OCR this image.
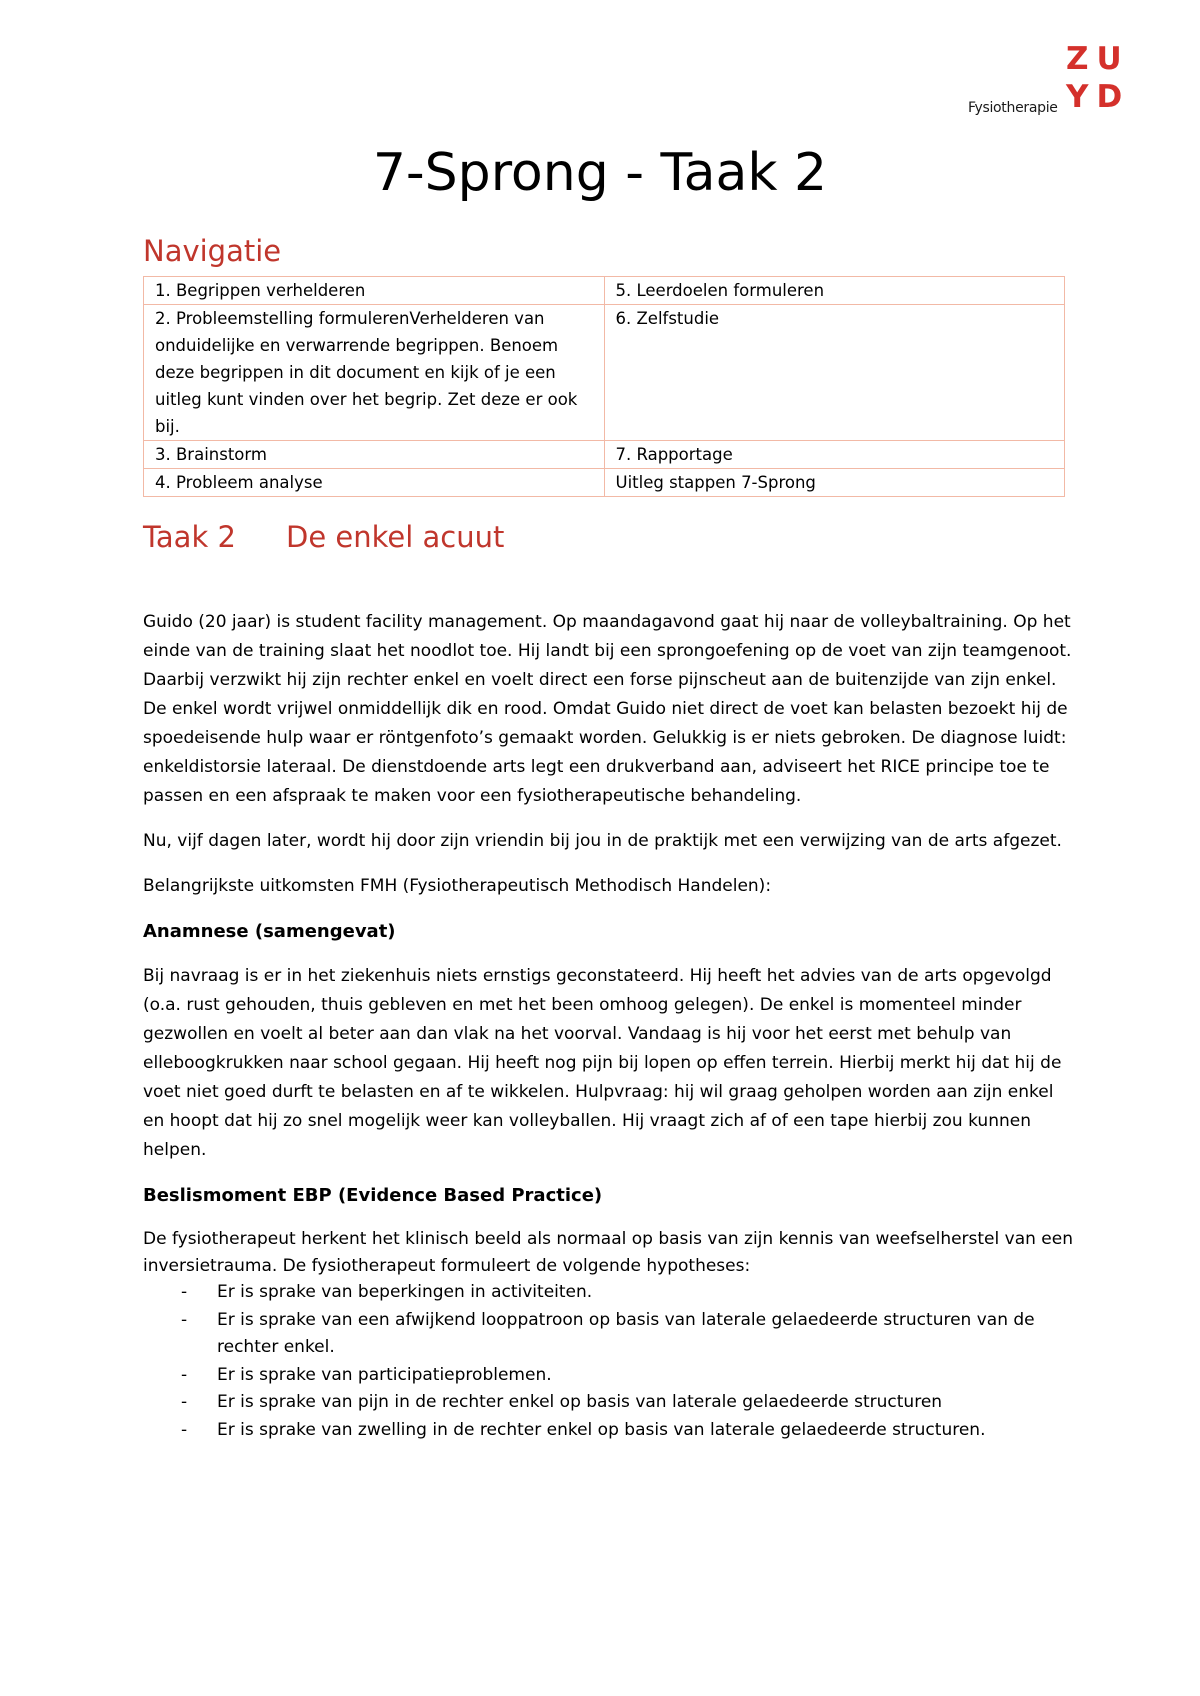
Fysiotherapie
ZU
YD
7-Sprong - Taak 2
Navigatie
1. Begrippen verhelderen	5. Leerdoelen formuleren
2. Probleemstelling formulerenVerhelderen van onduidelijke en verwarrende begrippen. Benoem deze begrippen in dit document en kijk of je een uitleg kunt vinden over het begrip. Zet deze er ook bij.	6. Zelfstudie
3. Brainstorm	7. Rapportage
4. Probleem analyse	Uitleg stappen 7-Sprong
Taak 2 De enkel acuut

Guido (20 jaar) is student facility management. Op maandagavond gaat hij naar de volleybaltraining. Op het einde van de training slaat het noodlot toe. Hij landt bij een sprongoefening op de voet van zijn teamgenoot. Daarbij verzwikt hij zijn rechter enkel en voelt direct een forse pijnscheut aan de buitenzijde van zijn enkel. De enkel wordt vrijwel onmiddellijk dik en rood. Omdat Guido niet direct de voet kan belasten bezoekt hij de spoedeisende hulp waar er röntgenfoto’s gemaakt worden. Gelukkig is er niets gebroken. De diagnose luidt: enkeldistorsie lateraal. De dienstdoende arts legt een drukverband aan, adviseert het RICE principe toe te passen en een afspraak te maken voor een fysiotherapeutische behandeling.

Nu, vijf dagen later, wordt hij door zijn vriendin bij jou in de praktijk met een verwijzing van de arts afgezet.

Belangrijkste uitkomsten FMH (Fysiotherapeutisch Methodisch Handelen):

Anamnese (samengevat)

Bij navraag is er in het ziekenhuis niets ernstigs geconstateerd. Hij heeft het advies van de arts opgevolgd (o.a. rust gehouden, thuis gebleven en met het been omhoog gelegen). De enkel is momenteel minder gezwollen en voelt al beter aan dan vlak na het voorval. Vandaag is hij voor het eerst met behulp van elleboogkrukken naar school gegaan. Hij heeft nog pijn bij lopen op effen terrein. Hierbij merkt hij dat hij de voet niet goed durft te belasten en af te wikkelen. Hulpvraag: hij wil graag geholpen worden aan zijn enkel en hoopt dat hij zo snel mogelijk weer kan volleyballen. Hij vraagt zich af of een tape hierbij zou kunnen helpen.

Beslismoment EBP (Evidence Based Practice)

De fysiotherapeut herkent het klinisch beeld als normaal op basis van zijn kennis van weefselherstel van een inversietrauma. De fysiotherapeut formuleert de volgende hypotheses:

- Er is sprake van beperkingen in activiteiten.
- Er is sprake van een afwijkend looppatroon op basis van laterale gelaedeerde structuren van de rechter enkel.
- Er is sprake van participatieproblemen.
- Er is sprake van pijn in de rechter enkel op basis van laterale gelaedeerde structuren
- Er is sprake van zwelling in de rechter enkel op basis van laterale gelaedeerde structuren.
